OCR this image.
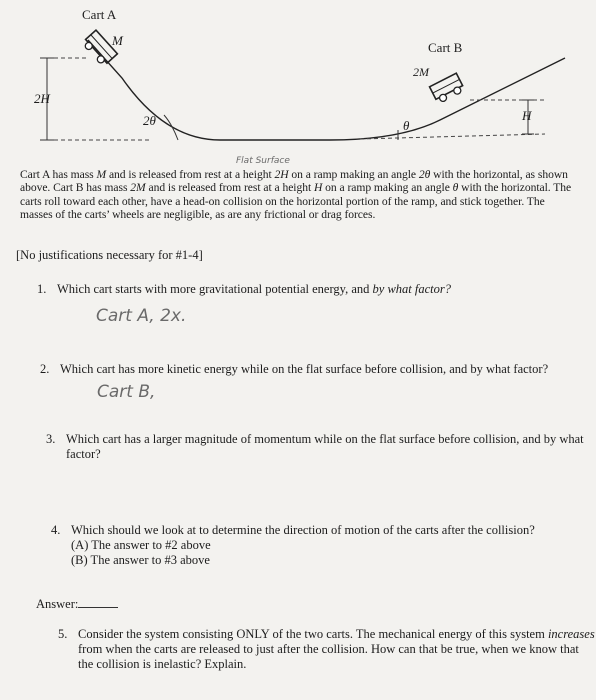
Cart A
M	Cart B
2M
2H
H
2θ	θ
Flat Surface
Cart A has mass M and is released from rest at a height 2H on a ramp making an angle 2θ with the horizontal, as shown above. Cart B has mass 2M and is released from rest at a height H on a ramp making an angle θ with the horizontal. The carts roll toward each other, have a head-on collision on the horizontal portion of the ramp, and stick together. The masses of the carts’ wheels are negligible, as are any frictional or drag forces.
[No justifications necessary for #1-4]
1. Which cart starts with more gravitational potential energy, and by what factor?
Cart A, 2x.
2. Which cart has more kinetic energy while on the flat surface before collision, and by what factor?
Cart B,
3. Which cart has a larger magnitude of momentum while on the flat surface before collision, and by what factor?
4. Which should we look at to determine the direction of motion of the carts after the collision?
(A) The answer to #2 above
(B) The answer to #3 above
Answer:
5. Consider the system consisting ONLY of the two carts. The mechanical energy of this system increases from when the carts are released to just after the collision. How can that be true, when we know that the collision is inelastic? Explain.
